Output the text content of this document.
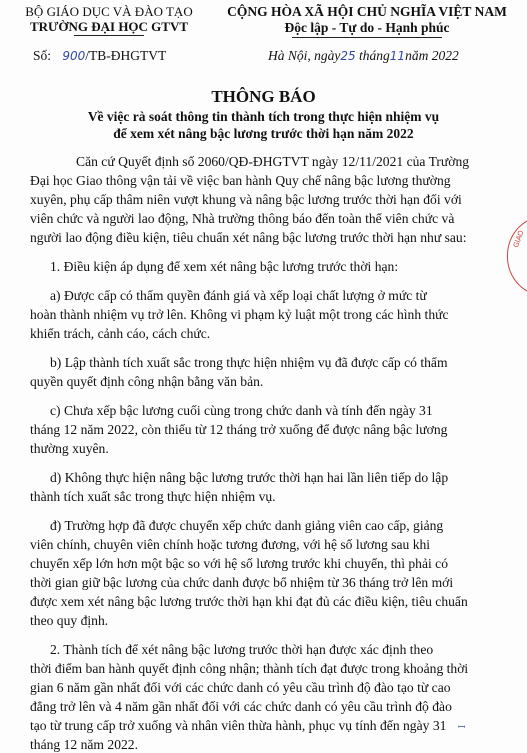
BỘ GIÁO DỤC VÀ ĐÀO TẠO
TRƯỜNG ĐẠI HỌC GTVT
CỘNG HÒA XÃ HỘI CHỦ NGHĨA VIỆT NAM
Độc lập - Tự do - Hạnh phúc
Số: 900/TB-ĐHGTVT	Hà Nội, ngày25 tháng11năm 2022
THÔNG BÁO
Về việc rà soát thông tin thành tích trong thực hiện nhiệm vụ
để xem xét nâng bậc lương trước thời hạn năm 2022
Căn cứ Quyết định số 2060/QĐ-ĐHGTVT ngày 12/11/2021 của Trường
Đại học Giao thông vận tải về việc ban hành Quy chế nâng bậc lương thường
xuyên, phụ cấp thâm niên vượt khung và nâng bậc lương trước thời hạn đối với
viên chức và người lao động, Nhà trường thông báo đến toàn thể viên chức và
người lao động điều kiện, tiêu chuẩn xét nâng bậc lương trước thời hạn như sau:
1. Điều kiện áp dụng để xem xét nâng bậc lương trước thời hạn:
a) Được cấp có thẩm quyền đánh giá và xếp loại chất lượng ở mức từ
hoàn thành nhiệm vụ trở lên. Không vi phạm kỷ luật một trong các hình thức
khiển trách, cảnh cáo, cách chức.
b) Lập thành tích xuất sắc trong thực hiện nhiệm vụ đã được cấp có thẩm
quyền quyết định công nhận bằng văn bản.
c) Chưa xếp bậc lương cuối cùng trong chức danh và tính đến ngày 31
tháng 12 năm 2022, còn thiếu từ 12 tháng trở xuống để được nâng bậc lương
thường xuyên.
d) Không thực hiện nâng bậc lương trước thời hạn hai lần liên tiếp do lập
thành tích xuất sắc trong thực hiện nhiệm vụ.
đ) Trường hợp đã được chuyển xếp chức danh giảng viên cao cấp, giảng
viên chính, chuyên viên chính hoặc tương đương, với hệ số lương sau khi
chuyển xếp lớn hơn một bậc so với hệ số lương trước khi chuyển, thì phải có
thời gian giữ bậc lương của chức danh được bổ nhiệm từ 36 tháng trở lên mới
được xem xét nâng bậc lương trước thời hạn khi đạt đủ các điều kiện, tiêu chuẩn
theo quy định.
2. Thành tích để xét nâng bậc lương trước thời hạn được xác định theo
thời điểm ban hành quyết định công nhận; thành tích đạt được trong khoảng thời
gian 6 năm gần nhất đối với các chức danh có yêu cầu trình độ đào tạo từ cao
đẳng trở lên và 4 năm gần nhất đối với các chức danh có yêu cầu trình độ đào
tạo từ trung cấp trở xuống và nhân viên thừa hành, phục vụ tính đến ngày 31
tháng 12 năm 2022.
GIAO
ꟷ
